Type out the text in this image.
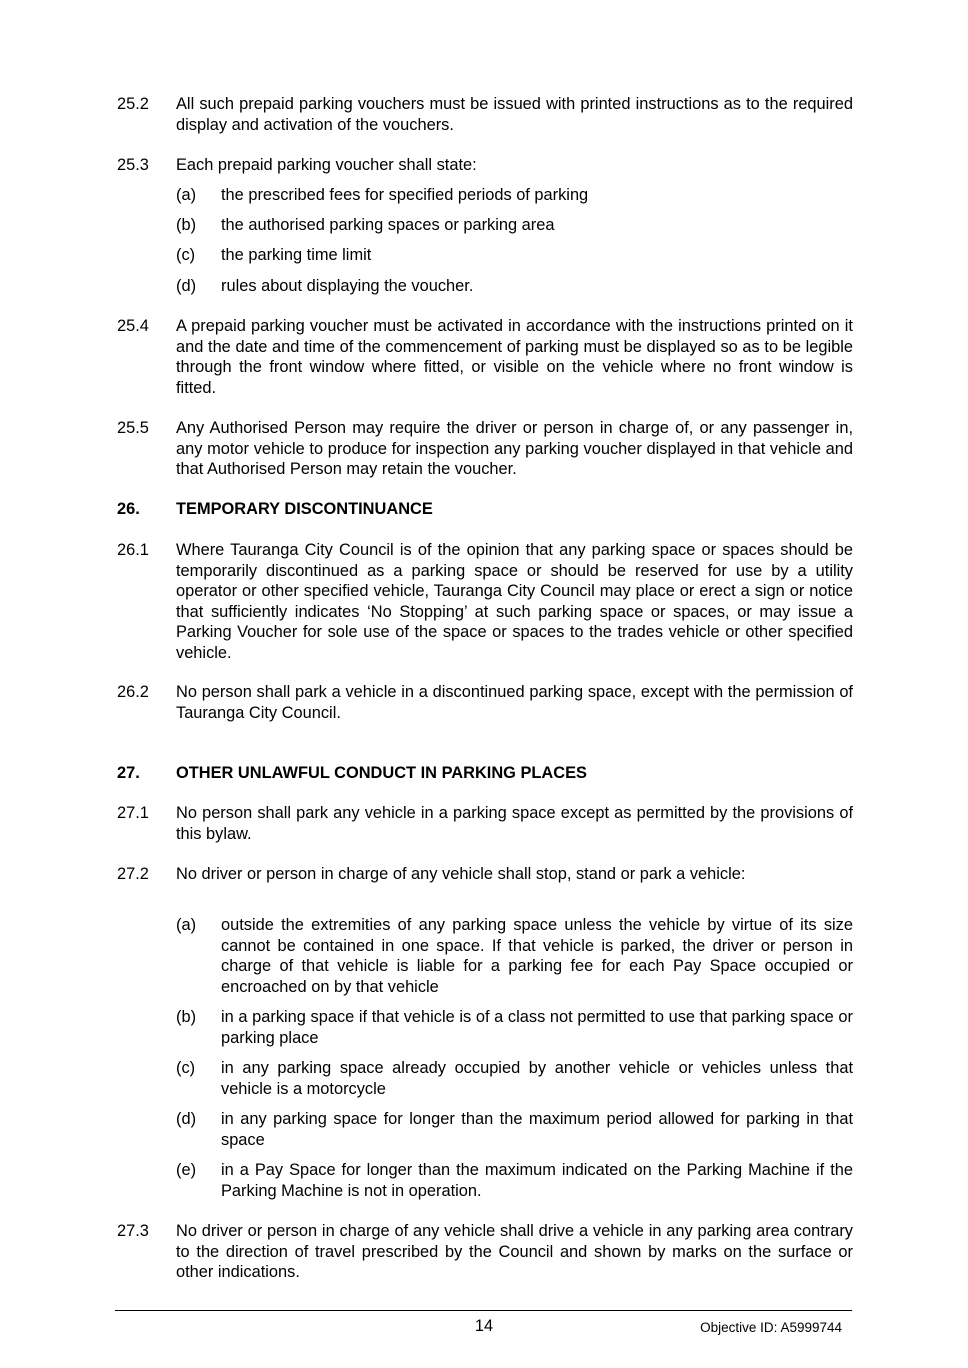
25.2	All such prepaid parking vouchers must be issued with printed instructions as to the required display and activation of the vouchers.
25.3	Each prepaid parking voucher shall state:
(a)	the prescribed fees for specified periods of parking
(b)	the authorised parking spaces or parking area
(c)	the parking time limit
(d)	rules about displaying the voucher.
25.4	A prepaid parking voucher must be activated in accordance with the instructions printed on it and the date and time of the commencement of parking must be displayed so as to be legible through the front window where fitted, or visible on the vehicle where no front window is fitted.
25.5	Any Authorised Person may require the driver or person in charge of, or any passenger in, any motor vehicle to produce for inspection any parking voucher displayed in that vehicle and that Authorised Person may retain the voucher.
26.	TEMPORARY DISCONTINUANCE
26.1	Where Tauranga City Council is of the opinion that any parking space or spaces should be temporarily discontinued as a parking space or should be reserved for use by a utility operator or other specified vehicle, Tauranga City Council may place or erect a sign or notice that sufficiently indicates ‘No Stopping’ at such parking space or spaces, or may issue a Parking Voucher for sole use of the space or spaces to the trades vehicle or other specified vehicle.
26.2	No person shall park a vehicle in a discontinued parking space, except with the permission of Tauranga City Council.
27.	OTHER UNLAWFUL CONDUCT IN PARKING PLACES
27.1	No person shall park any vehicle in a parking space except as permitted by the provisions of this bylaw.
27.2	No driver or person in charge of any vehicle shall stop, stand or park a vehicle:
(a)	outside the extremities of any parking space unless the vehicle by virtue of its size cannot be contained in one space. If that vehicle is parked, the driver or person in charge of that vehicle is liable for a parking fee for each Pay Space occupied or encroached on by that vehicle
(b)	in a parking space if that vehicle is of a class not permitted to use that parking space or parking place
(c)	in any parking space already occupied by another vehicle or vehicles unless that vehicle is a motorcycle
(d)	in any parking space for longer than the maximum period allowed for parking in that space
(e)	in a Pay Space for longer than the maximum indicated on the Parking Machine if the Parking Machine is not in operation.
27.3	No driver or person in charge of any vehicle shall drive a vehicle in any parking area contrary to the direction of travel prescribed by the Council and shown by marks on the surface or other indications.
14	Objective ID: A5999744
